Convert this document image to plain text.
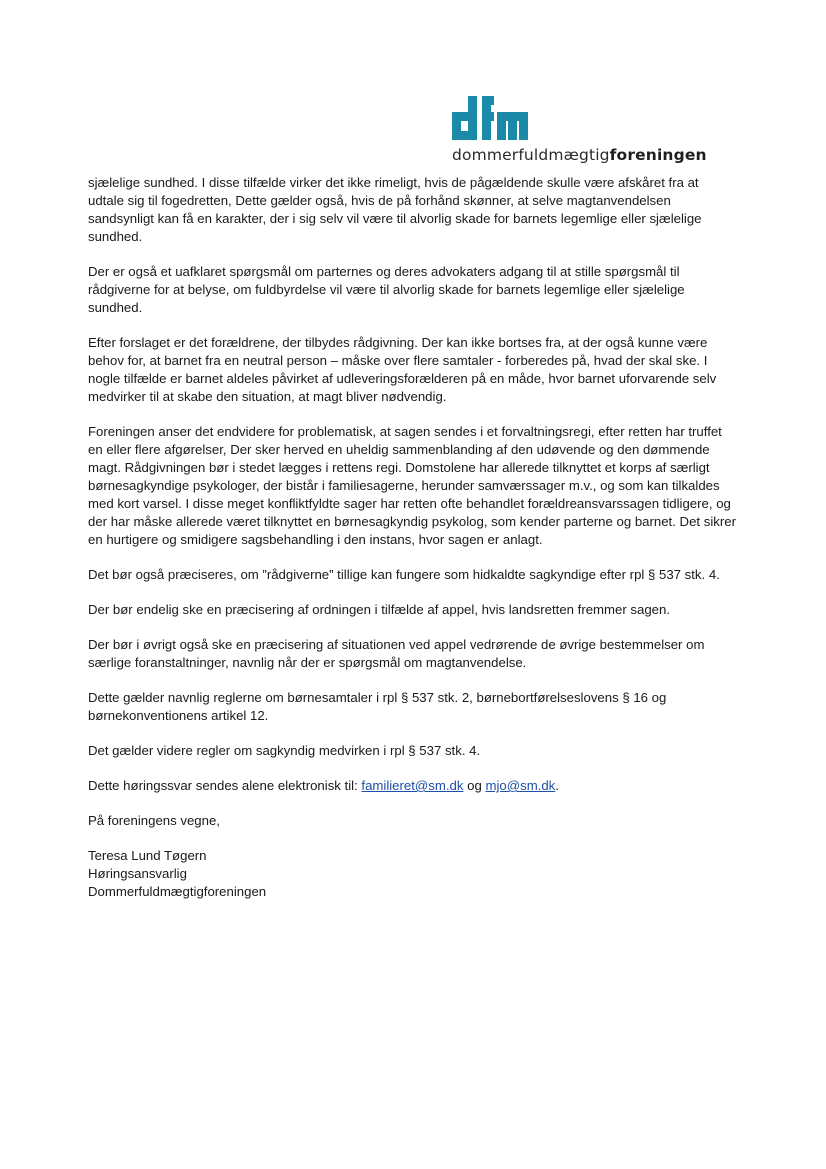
dommerfuldmægtigforeningen

sjælelige sundhed. I disse tilfælde virker det ikke rimeligt, hvis de pågældende skulle være afskåret fra at udtale sig til fogedretten, Dette gælder også, hvis de på forhånd skønner, at selve magtanvendelsen sandsynligt kan få en karakter, der i sig selv vil være til alvorlig skade for barnets legemlige eller sjælelige sundhed.

Der er også et uafklaret spørgsmål om parternes og deres advokaters adgang til at stille spørgsmål til rådgiverne for at belyse, om fuldbyrdelse vil være til alvorlig skade for barnets legemlige eller sjælelige sundhed.

Efter forslaget er det forældrene, der tilbydes rådgivning. Der kan ikke bortses fra, at der også kunne være behov for, at barnet fra en neutral person – måske over flere samtaler - forberedes på, hvad der skal ske. I nogle tilfælde er barnet aldeles påvirket af udleveringsforælderen på en måde, hvor barnet uforvarende selv medvirker til at skabe den situation, at magt bliver nødvendig.

Foreningen anser det endvidere for problematisk, at sagen sendes i et forvaltningsregi, efter retten har truffet en eller flere afgørelser, Der sker herved en uheldig sammenblanding af den udøvende og den dømmende magt. Rådgivningen bør i stedet lægges i rettens regi. Domstolene har allerede tilknyttet et korps af særligt børnesagkyndige psykologer, der bistår i familiesagerne, herunder samværssager m.v., og som kan tilkaldes med kort varsel. I disse meget konfliktfyldte sager har retten ofte behandlet forældreansvarssagen tidligere, og der har måske allerede været tilknyttet en børnesagkyndig psykolog, som kender parterne og barnet. Det sikrer en hurtigere og smidigere sagsbehandling i den instans, hvor sagen er anlagt.

Det bør også præciseres, om ”rådgiverne” tillige kan fungere som hidkaldte sagkyndige efter rpl § 537 stk. 4.

Der bør endelig ske en præcisering af ordningen i tilfælde af appel, hvis landsretten fremmer sagen.

Der bør i øvrigt også ske en præcisering af situationen ved appel vedrørende de øvrige bestemmelser om særlige foranstaltninger, navnlig når der er spørgsmål om magtanvendelse.

Dette gælder navnlig reglerne om børnesamtaler i rpl § 537 stk. 2, børnebortførelseslovens § 16 og børnekonventionens artikel 12.

Det gælder videre regler om sagkyndig medvirken i rpl § 537 stk. 4.

Dette høringssvar sendes alene elektronisk til: familieret@sm.dk og mjo@sm.dk.

På foreningens vegne,

Teresa Lund Tøgern

Høringsansvarlig

Dommerfuldmægtigforeningen
